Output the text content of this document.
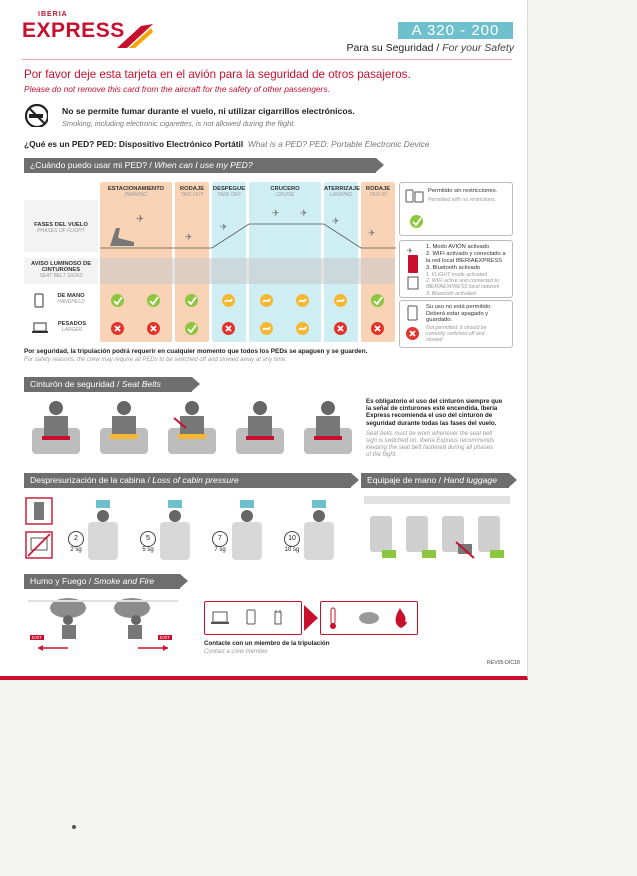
IBERIA
EXPRESS	A 320 - 200
Para su Seguridad / For your Safety
Por favor deje esta tarjeta en el avión para la seguridad de otros pasajeros.
Please do not remove this card from the aircraft for the safety of other passengers.
No se permite fumar durante el vuelo, ni utilizar cigarrillos electrónicos.
Smoking, including electronic cigarettes, is not allowed during the flight.
¿Qué es un PED? PED: Dispositivo Electrónico Portátil What is a PED? PED: Portable Electronic Device
¿Cuándo puedo usar mi PED? / When can I use my PED?
ESTACIONAMIENTO
PARKING
RODAJE
TAXI OUT
DESPEGUE
TAKE OFF
CRUCERO
CRUISE
ATERRIZAJE
LANDING
RODAJE
TAXI IN
✈
✈
✈
✈ ✈
✈
✈
FASES DEL VUELO
PHASES OF FLIGHT
AVISO LUMINOSO DE CINTURONES
SEAT BELT SIGNS
DE MANO
HANDHELD
PESADOS
LARGER
Permitido sin restricciones.
Permitted with no restrictions.
✈
1. Modo AVIÓN activado
2. WIFI activado y conectado a
la red local IBERIAEXPRESS
3. Bluetooth activado
1. FLIGHT mode activated
2. WIFI active and connected to
IBERIAEXPRESS local network
3. Bluetooth activated
Su uso no está permitido.
Deberá estar apagado y
guardado.
Not permitted, it should be
correctly switched off and
stowed
Por seguridad, la tripulación podrá requerir en cualquier momento que todos los PEDs se apaguen y se guarden.
For safety reasons, the crew may require all PEDs to be switched off and stowed away at any time.
Cinturón de seguridad / Seat Belts
Es obligatorio el uso del cinturón siempre que
la señal de cinturones esté encendida. Iberia
Express recomienda el uso del cinturón de
seguridad durante todas las fases del vuelo.
Seat belts must be worn whenever the seat belt
sign is switched on. Iberia Express recommends
keeping the seat belt fastened during all phases
of the flight.
Despresurización de la cabina / Loss of cabin pressure
2
2 sg
5
5 sg
7
7 sg
10
10 sg
Equipaje de mano / Hand luggage
Humo y Fuego / Smoke and Fire
EXIT	EXIT
Contacte con un miembro de la tripulación
Contact a crew member
REV05-DIC18
